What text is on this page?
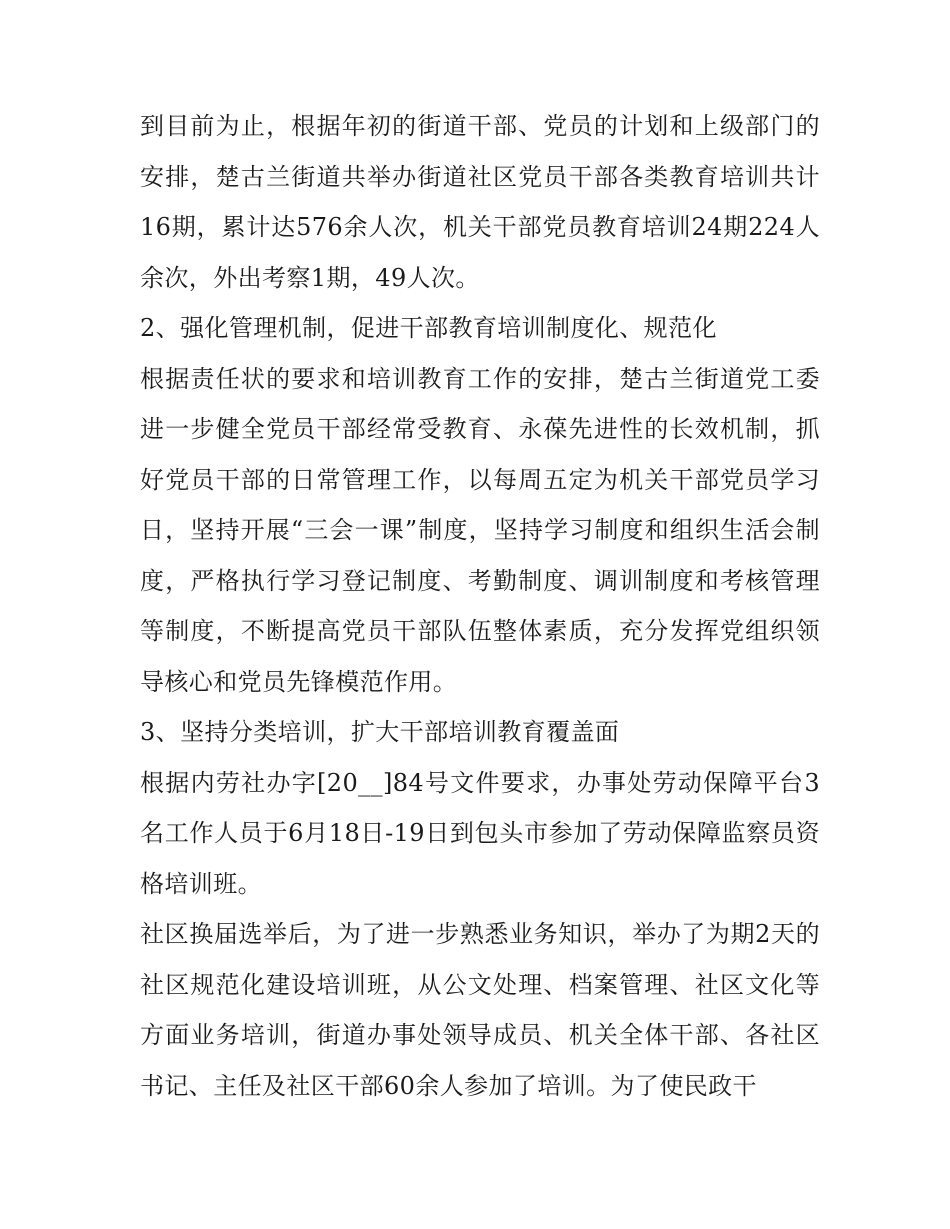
到目前为止，根据年初的街道干部、党员的计划和上级部门的安排，楚古兰街道共举办街道社区党员干部各类教育培训共计16期，累计达576余人次，机关干部党员教育培训24期224人余次，外出考察1期，49人次。

2、强化管理机制，促进干部教育培训制度化、规范化

根据责任状的要求和培训教育工作的安排，楚古兰街道党工委进一步健全党员干部经常受教育、永葆先进性的长效机制，抓好党员干部的日常管理工作，以每周五定为机关干部党员学习日，坚持开展“三会一课”制度，坚持学习制度和组织生活会制度，严格执行学习登记制度、考勤制度、调训制度和考核管理等制度，不断提高党员干部队伍整体素质，充分发挥党组织领导核心和党员先锋模范作用。

3、坚持分类培训，扩大干部培训教育覆盖面

根据内劳社办字[20__]84号文件要求，办事处劳动保障平台3名工作人员于6月18日-19日到包头市参加了劳动保障监察员资格培训班。

社区换届选举后，为了进一步熟悉业务知识，举办了为期2天的社区规范化建设培训班，从公文处理、档案管理、社区文化等方面业务培训，街道办事处领导成员、机关全体干部、各社区书记、主任及社区干部60余人参加了培训。为了使民政干
